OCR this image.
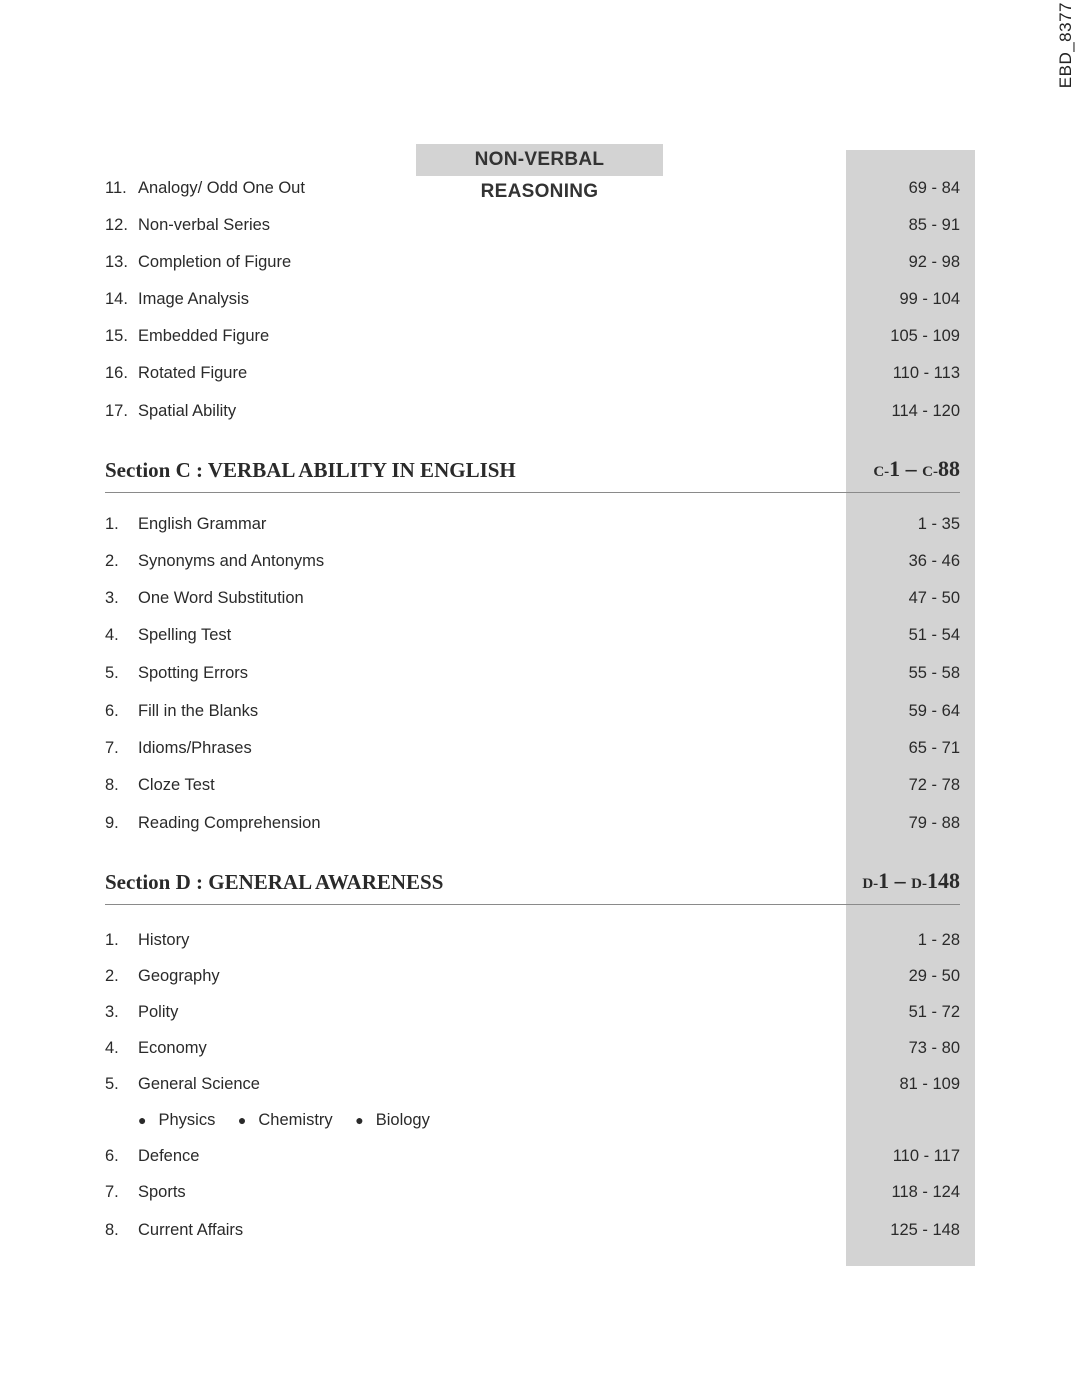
EBD_8377
NON-VERBAL REASONING
11. Analogy/ Odd One Out	69 - 84
12. Non-verbal Series	85 - 91
13. Completion of Figure	92 - 98
14. Image Analysis	99 - 104
15. Embedded Figure	105 - 109
16. Rotated Figure	110 - 113
17. Spatial Ability	114 - 120
Section C : VERBAL ABILITY IN ENGLISH	C-1 – C-88
1. English Grammar	1 - 35
2. Synonyms and Antonyms	36 - 46
3. One Word Substitution	47 - 50
4. Spelling Test	51 - 54
5. Spotting Errors	55 - 58
6. Fill in the Blanks	59 - 64
7. Idioms/Phrases	65 - 71
8. Cloze Test	72 - 78
9. Reading Comprehension	79 - 88
Section D : GENERAL AWARENESS	D-1 – D-148
1. History	1 - 28
2. Geography	29 - 50
3. Polity	51 - 72
4. Economy	73 - 80
5. General Science	81 - 109
● Physics ● Chemistry ● Biology
6. Defence	110 - 117
7. Sports	118 - 124
8. Current Affairs	125 - 148
